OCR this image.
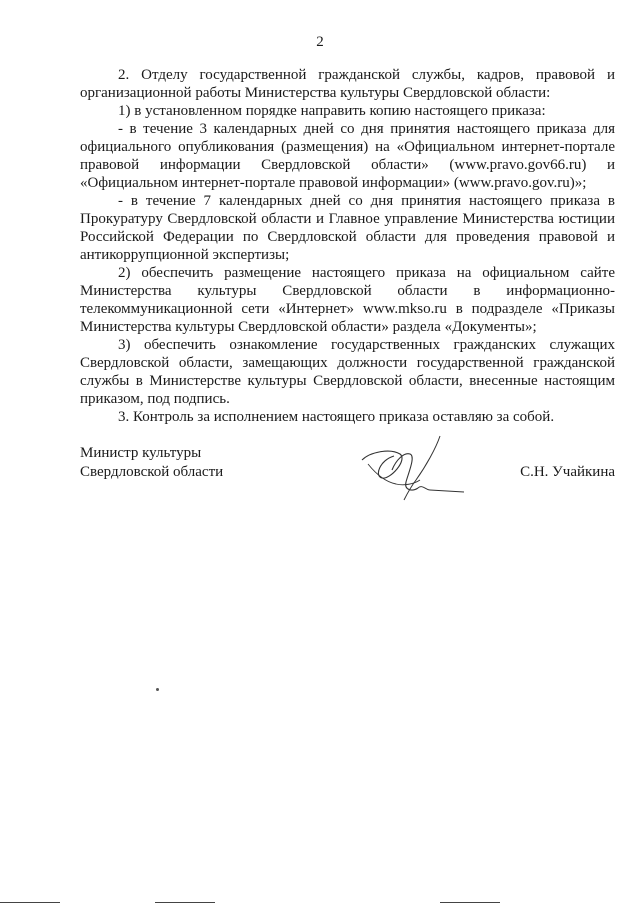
2

2. Отделу государственной гражданской службы, кадров, правовой и организационной работы Министерства культуры Свердловской области:

1) в установленном порядке направить копию настоящего приказа:

- в течение 3 календарных дней со дня принятия настоящего приказа для официального опубликования (размещения) на «Официальном интернет-портале правовой информации Свердловской области» (www.pravo.gov66.ru) и «Официальном интернет-портале правовой информации» (www.pravo.gov.ru)»;

- в течение 7 календарных дней со дня принятия настоящего приказа в Прокуратуру Свердловской области и Главное управление Министерства юстиции Российской Федерации по Свердловской области для проведения правовой и антикоррупционной экспертизы;

2) обеспечить размещение настоящего приказа на официальном сайте Министерства культуры Свердловской области в информационно-телекоммуникационной сети «Интернет» www.mkso.ru в подразделе «Приказы Министерства культуры Свердловской области» раздела «Документы»;

3) обеспечить ознакомление государственных гражданских служащих Свердловской области, замещающих должности государственной гражданской службы в Министерстве культуры Свердловской области, внесенные настоящим приказом, под подпись.

3. Контроль за исполнением настоящего приказа оставляю за собой.

Министр культуры
Свердловской области	С.Н. Учайкина
